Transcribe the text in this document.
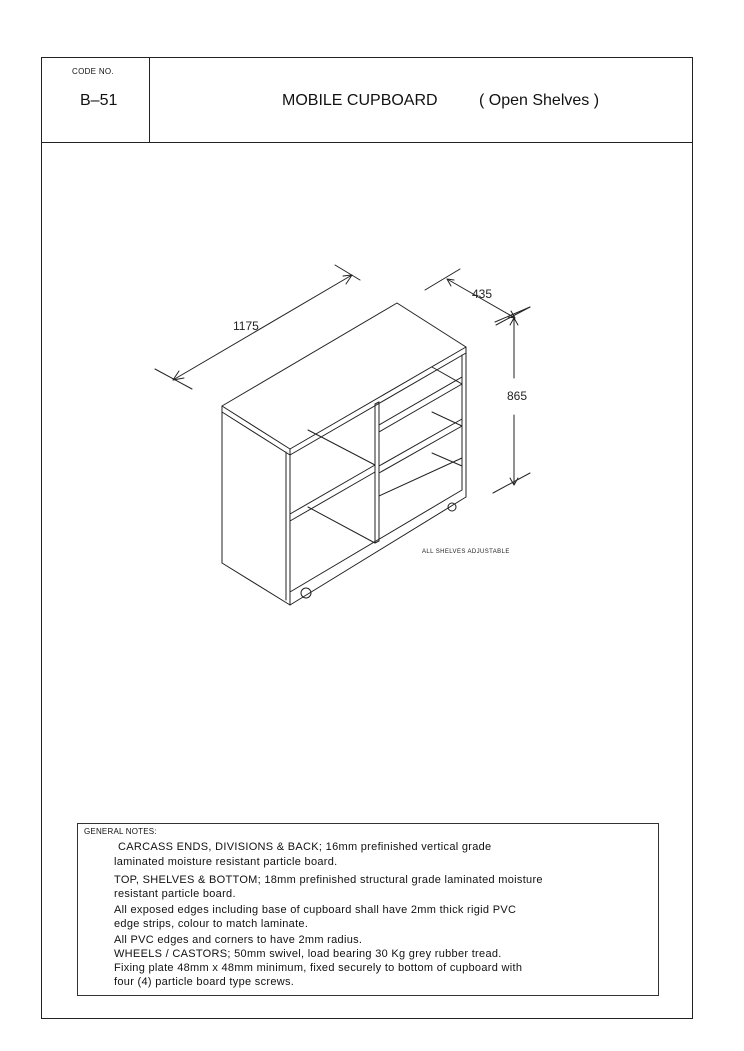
CODE NO.
B–51	MOBILE CUPBOARD	( Open Shelves )
GENERAL NOTES:
CARCASS ENDS, DIVISIONS & BACK; 16mm prefinished vertical grade
laminated moisture resistant particle board.
TOP, SHELVES & BOTTOM; 18mm prefinished structural grade laminated moisture
resistant particle board.
All exposed edges including base of cupboard shall have 2mm thick rigid PVC
edge strips, colour to match laminate.
All PVC edges and corners to have 2mm radius.
WHEELS / CASTORS; 50mm swivel, load bearing 30 Kg grey rubber tread.
Fixing plate 48mm x 48mm minimum, fixed securely to bottom of cupboard with
four (4) particle board type screws.
1175
435
865
ALL SHELVES ADJUSTABLE
